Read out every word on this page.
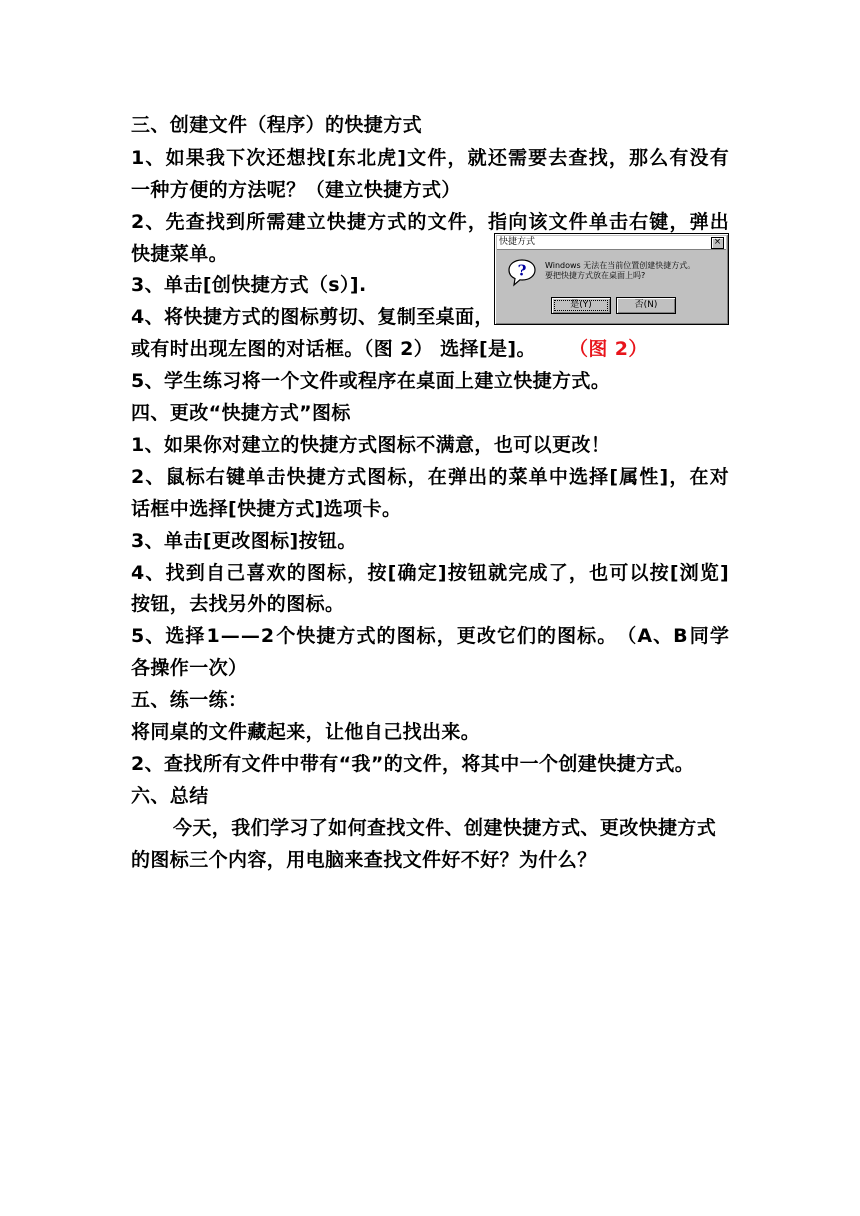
三、创建文件（程序）的快捷方式
1 、 如 果 我 下 次 还 想 找 [ 东 北 虎 ] 文 件 ， 就 还 需 要 去 查 找 ， 那 么 有 没 有
一种方便的方法呢？（建立快捷方式）
2 、 先 查 找 到 所 需 建 立 快 捷 方 式 的 文 件 ， 指 向 该 文 件 单 击 右 键 ， 弹 出
快捷菜单。
3、单击[创快捷方式（s）].
4、将快捷方式的图标剪切、复制至桌面，
或有时出现左图的对话框。（图 2） 选择[是]。 （图 2）
5、学生练习将一个文件或程序在桌面上建立快捷方式。
四、更改“快捷方式”图标
1、如果你对建立的快捷方式图标不满意，也可以更改！
2 、 鼠 标 右 键 单 击 快 捷 方 式 图 标 ， 在 弹 出 的 菜 单 中 选 择 [ 属 性 ] ， 在 对
话框中选择[快捷方式]选项卡。
3、单击[更改图标]按钮。
4 、 找 到 自 己 喜 欢 的 图 标 ， 按 [ 确 定 ] 按 钮 就 完 成 了 ， 也 可 以 按 [ 浏 览 ]
按钮，去找另外的图标。
5 、 选 择 1 — — 2 个 快 捷 方 式 的 图 标 ， 更 改 它 们 的 图 标 。 （ A 、 B 同 学
各操作一次）
五、练一练：
将同桌的文件藏起来，让他自己找出来。
2、查找所有文件中带有“我”的文件，将其中一个创建快捷方式。
六、总结
今天，我们学习了如何查找文件、创建快捷方式、更改快捷方式
的图标三个内容，用电脑来查找文件好不好？为什么？
快捷方式	×
? Windows 无法在当前位置创建快捷方式。
要把快捷方式放在桌面上吗?
是(Y)	否(N)
